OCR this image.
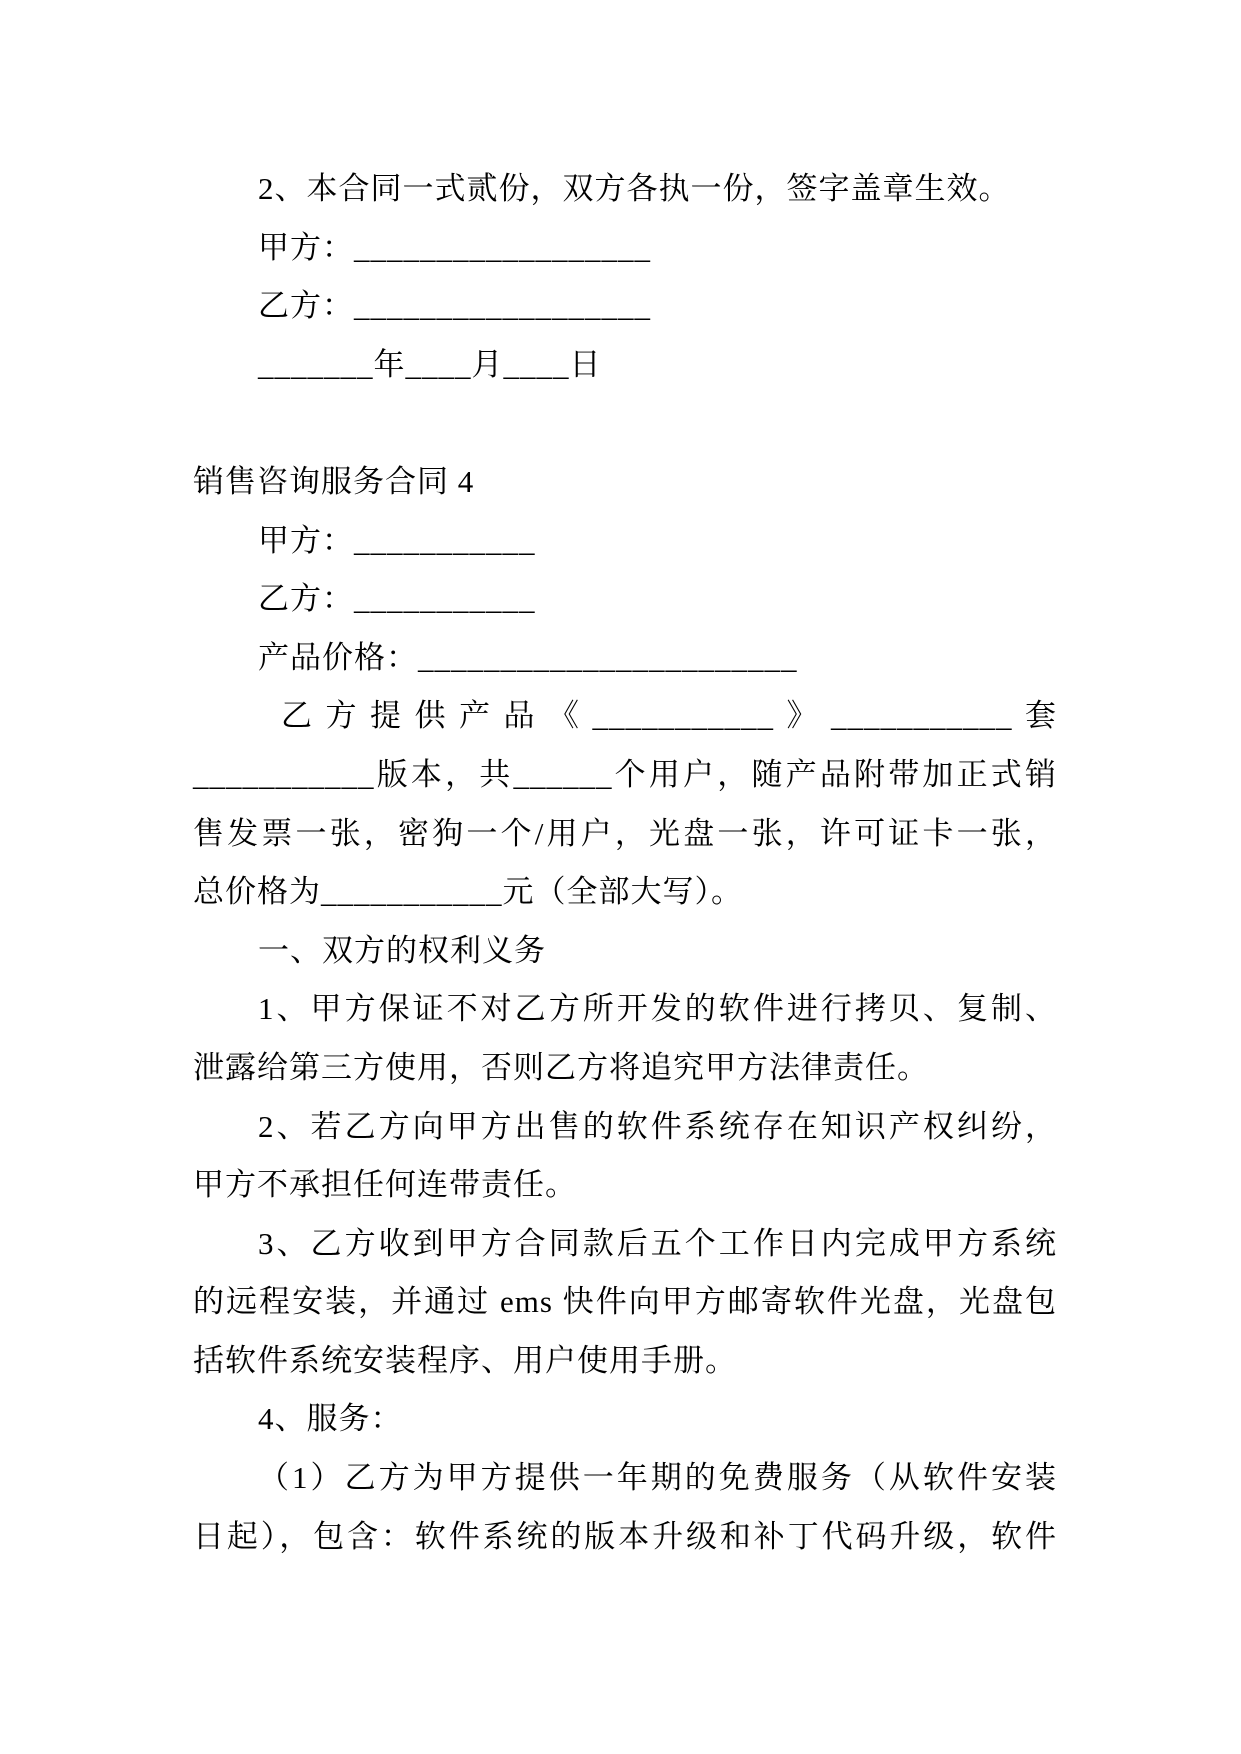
2、本合同一式贰份，双方各执一份，签字盖章生效。
甲方：__________________
乙方：__________________
_______年____月____日
销售咨询服务合同 4
甲方：___________
乙方：___________
产品价格：_______________________
乙方提供产品《___________》___________套
___________版本，共______个用户，随产品附带加正式销
售发票一张，密狗一个/用户，光盘一张，许可证卡一张，
总价格为___________元（全部大写）。
一、双方的权利义务
1、甲方保证不对乙方所开发的软件进行拷贝、复制、
泄露给第三方使用，否则乙方将追究甲方法律责任。
2、若乙方向甲方出售的软件系统存在知识产权纠纷，
甲方不承担任何连带责任。
3、乙方收到甲方合同款后五个工作日内完成甲方系统
的远程安装，并通过 ems 快件向甲方邮寄软件光盘，光盘包
括软件系统安装程序、用户使用手册。
4、服务：
（1）乙方为甲方提供一年期的免费服务（从软件安装
日起），包含：软件系统的版本升级和补丁代码升级，软件
